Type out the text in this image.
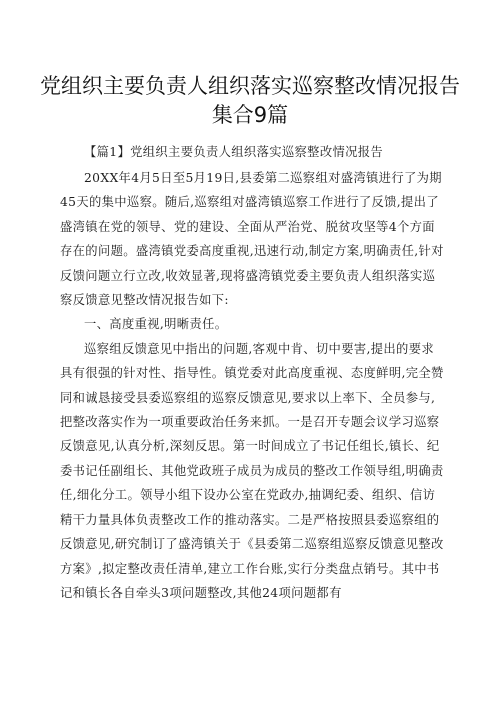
党组织主要负责人组织落实巡察整改情况报告集合9篇

【篇1】党组织主要负责人组织落实巡察整改情况报告

20XX年4月5日至5月19日,县委第二巡察组对盛湾镇进行了为期45天的集中巡察。随后,巡察组对盛湾镇巡察工作进行了反馈,提出了盛湾镇在党的领导、党的建设、全面从严治党、脱贫攻坚等4个方面存在的问题。盛湾镇党委高度重视,迅速行动,制定方案,明确责任,针对反馈问题立行立改,收效显著,现将盛湾镇党委主要负责人组织落实巡察反馈意见整改情况报告如下:

一、高度重视,明晰责任。

巡察组反馈意见中指出的问题,客观中肯、切中要害,提出的要求具有很强的针对性、指导性。镇党委对此高度重视、态度鲜明,完全赞同和诚恳接受县委巡察组的巡察反馈意见,要求以上率下、全员参与,把整改落实作为一项重要政治任务来抓。一是召开专题会议学习巡察反馈意见,认真分析,深刻反思。第一时间成立了书记任组长,镇长、纪委书记任副组长、其他党政班子成员为成员的整改工作领导组,明确责任,细化分工。领导小组下设办公室在党政办,抽调纪委、组织、信访精干力量具体负责整改工作的推动落实。二是严格按照县委巡察组的反馈意见,研究制订了盛湾镇关于《县委第二巡察组巡察反馈意见整改方案》,拟定整改责任清单,建立工作台账,实行分类盘点销号。其中书记和镇长各自牵头3项问题整改,其他24项问题都有
